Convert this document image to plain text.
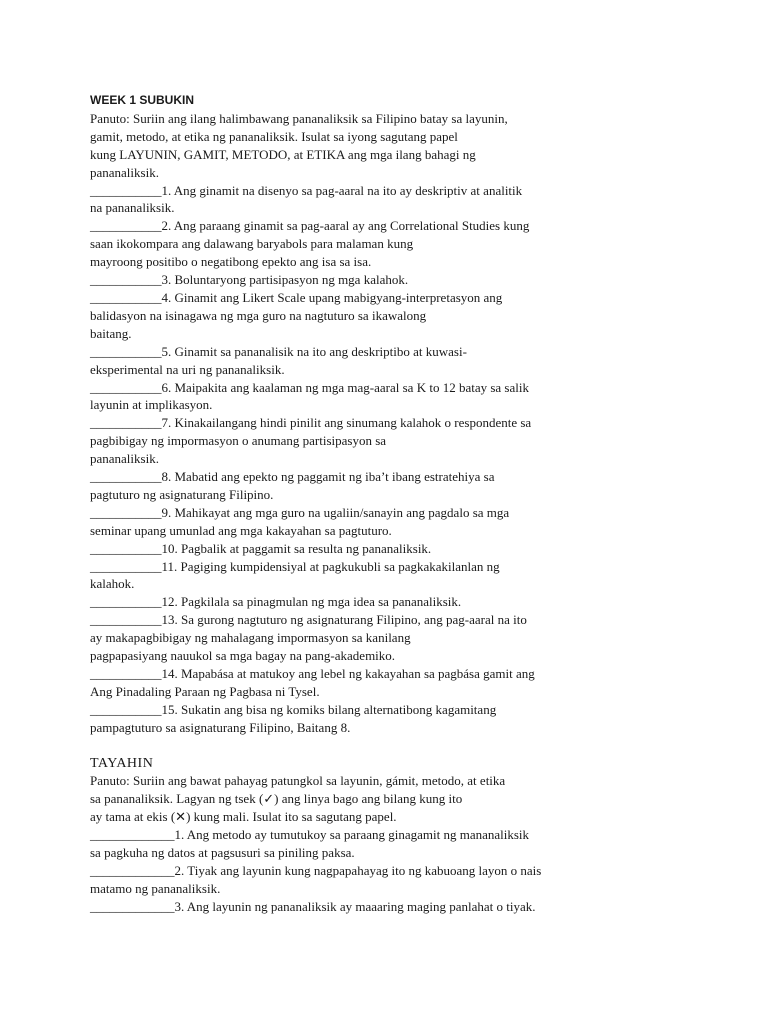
WEEK 1 SUBUKIN
Panuto: Suriin ang ilang halimbawang pananaliksik sa Filipino batay sa layunin,
gamit, metodo, at etika ng pananaliksik. Isulat sa iyong sagutang papel
kung LAYUNIN, GAMIT, METODO, at ETIKA ang mga ilang bahagi ng
pananaliksik.
___________1. Ang ginamit na disenyo sa pag-aaral na ito ay deskriptiv at analitik
na pananaliksik.
___________2. Ang paraang ginamit sa pag-aaral ay ang Correlational Studies kung
saan ikokompara ang dalawang baryabols para malaman kung
mayroong positibo o negatibong epekto ang isa sa isa.
___________3. Boluntaryong partisipasyon ng mga kalahok.
___________4. Ginamit ang Likert Scale upang mabigyang-interpretasyon ang
balidasyon na isinagawa ng mga guro na nagtuturo sa ikawalong
baitang.
___________5. Ginamit sa pananalisik na ito ang deskriptibo at kuwasi-
eksperimental na uri ng pananaliksik.
___________6. Maipakita ang kaalaman ng mga mag-aaral sa K to 12 batay sa salik
layunin at implikasyon.
___________7. Kinakailangang hindi pinilit ang sinumang kalahok o respondente sa
pagbibigay ng impormasyon o anumang partisipasyon sa
pananaliksik.
___________8. Mabatid ang epekto ng paggamit ng iba’t ibang estratehiya sa
pagtuturo ng asignaturang Filipino.
___________9. Mahikayat ang mga guro na ugaliin/sanayin ang pagdalo sa mga
seminar upang umunlad ang mga kakayahan sa pagtuturo.
___________10. Pagbalik at paggamit sa resulta ng pananaliksik.
___________11. Pagiging kumpidensiyal at pagkukubli sa pagkakakilanlan ng
kalahok.
___________12. Pagkilala sa pinagmulan ng mga idea sa pananaliksik.
___________13. Sa gurong nagtuturo ng asignaturang Filipino, ang pag-aaral na ito
ay makapagbibigay ng mahalagang impormasyon sa kanilang
pagpapasiyang nauukol sa mga bagay na pang-akademiko.
___________14. Mapabása at matukoy ang lebel ng kakayahan sa pagbása gamit ang
Ang Pinadaling Paraan ng Pagbasa ni Tysel.
___________15. Sukatin ang bisa ng komiks bilang alternatibong kagamitang
pampagtuturo sa asignaturang Filipino, Baitang 8.
TAYAHIN
Panuto: Suriin ang bawat pahayag patungkol sa layunin, gámit, metodo, at etika
sa pananaliksik. Lagyan ng tsek (✓) ang linya bago ang bilang kung ito
ay tama at ekis (✕) kung mali. Isulat ito sa sagutang papel.
_____________1. Ang metodo ay tumutukoy sa paraang ginagamit ng mananaliksik
sa pagkuha ng datos at pagsusuri sa piniling paksa.
_____________2. Tiyak ang layunin kung nagpapahayag ito ng kabuoang layon o nais
matamo ng pananaliksik.
_____________3. Ang layunin ng pananaliksik ay maaaring maging panlahat o tiyak.
